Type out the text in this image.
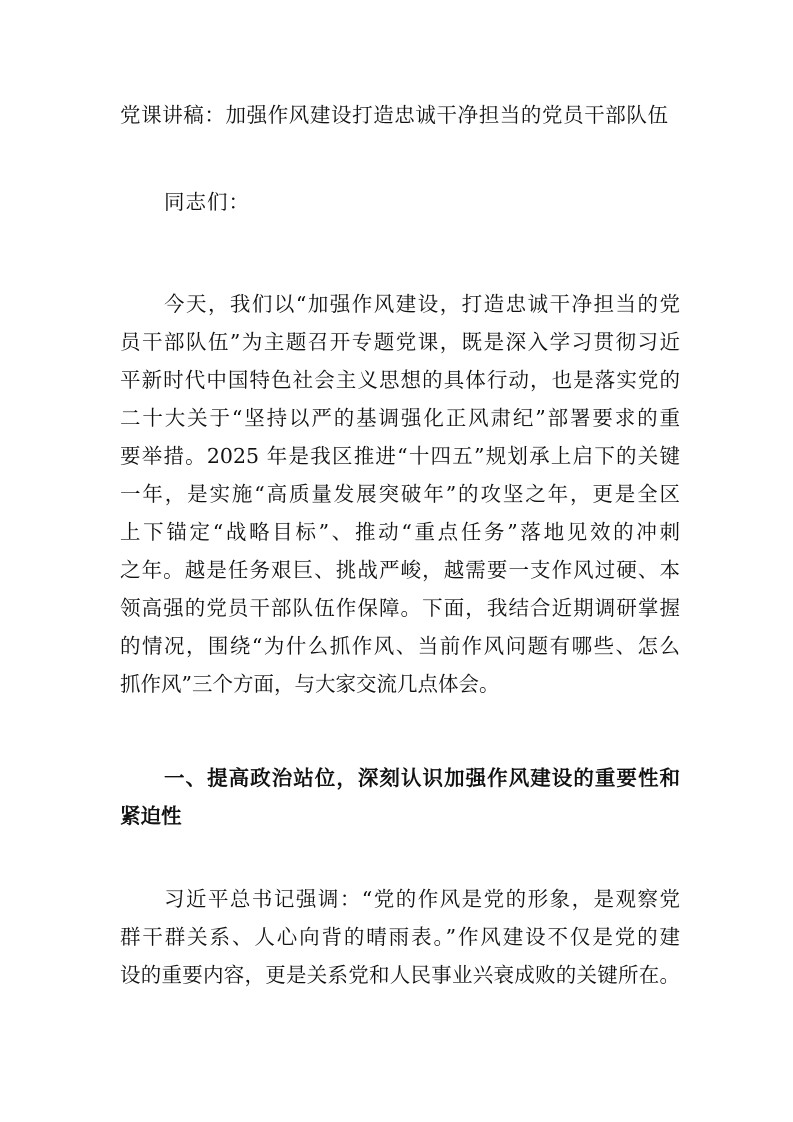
党课讲稿：加强作风建设打造忠诚干净担当的党员干部队伍
同志们：
今天，我们以“加强作风建设，打造忠诚干净担当的党
员干部队伍”为主题召开专题党课，既是深入学习贯彻习近
平新时代中国特色社会主义思想的具体行动，也是落实党的
二十大关于“坚持以严的基调强化正风肃纪”部署要求的重
要举措。2025 年是我区推进“十四五”规划承上启下的关键
一年，是实施“高质量发展突破年”的攻坚之年，更是全区
上下锚定“战略目标”、推动“重点任务”落地见效的冲刺
之年。越是任务艰巨、挑战严峻，越需要一支作风过硬、本
领高强的党员干部队伍作保障。下面，我结合近期调研掌握
的情况，围绕“为什么抓作风、当前作风问题有哪些、怎么
抓作风”三个方面，与大家交流几点体会。
一、提高政治站位，深刻认识加强作风建设的重要性和
紧迫性
习近平总书记强调：“党的作风是党的形象，是观察党
群干群关系、人心向背的晴雨表。”作风建设不仅是党的建
设的重要内容，更是关系党和人民事业兴衰成败的关键所在。
